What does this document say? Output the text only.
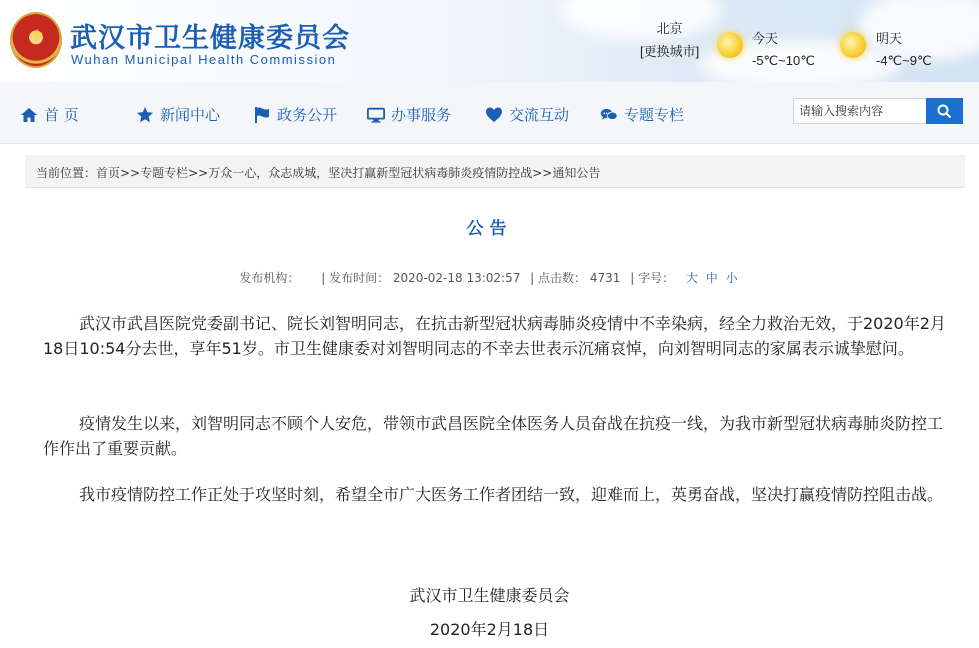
★ 武汉市卫生健康委员会
Wuhan Municipal Health Commission
北京
[更换城市]
今天
-5℃~10℃
明天
-4℃~9℃
首 页	新闻中心	政务公开	办事服务	交流互动	专题专栏
请输入搜索内容
当前位置：首页>>专题专栏>>万众一心，众志成城，坚决打赢新型冠状病毒肺炎疫情防控战>>通知公告
公告
发布机构： | 发布时间： 2020-02-18 13:02:57 | 点击数： 4731 | 字号： 大 中 小

武汉市武昌医院党委副书记、院长刘智明同志，在抗击新型冠状病毒肺炎疫情中不幸染病，经全力救治无效，于2020年2月18日10:54分去世，享年51岁。市卫生健康委对刘智明同志的不幸去世表示沉痛哀悼，向刘智明同志的家属表示诚挚慰问。

疫情发生以来，刘智明同志不顾个人安危，带领市武昌医院全体医务人员奋战在抗疫一线，为我市新型冠状病毒肺炎防控工作作出了重要贡献。

我市疫情防控工作正处于攻坚时刻，希望全市广大医务工作者团结一致，迎难而上，英勇奋战，坚决打赢疫情防控阻击战。

武汉市卫生健康委员会
2020年2月18日
